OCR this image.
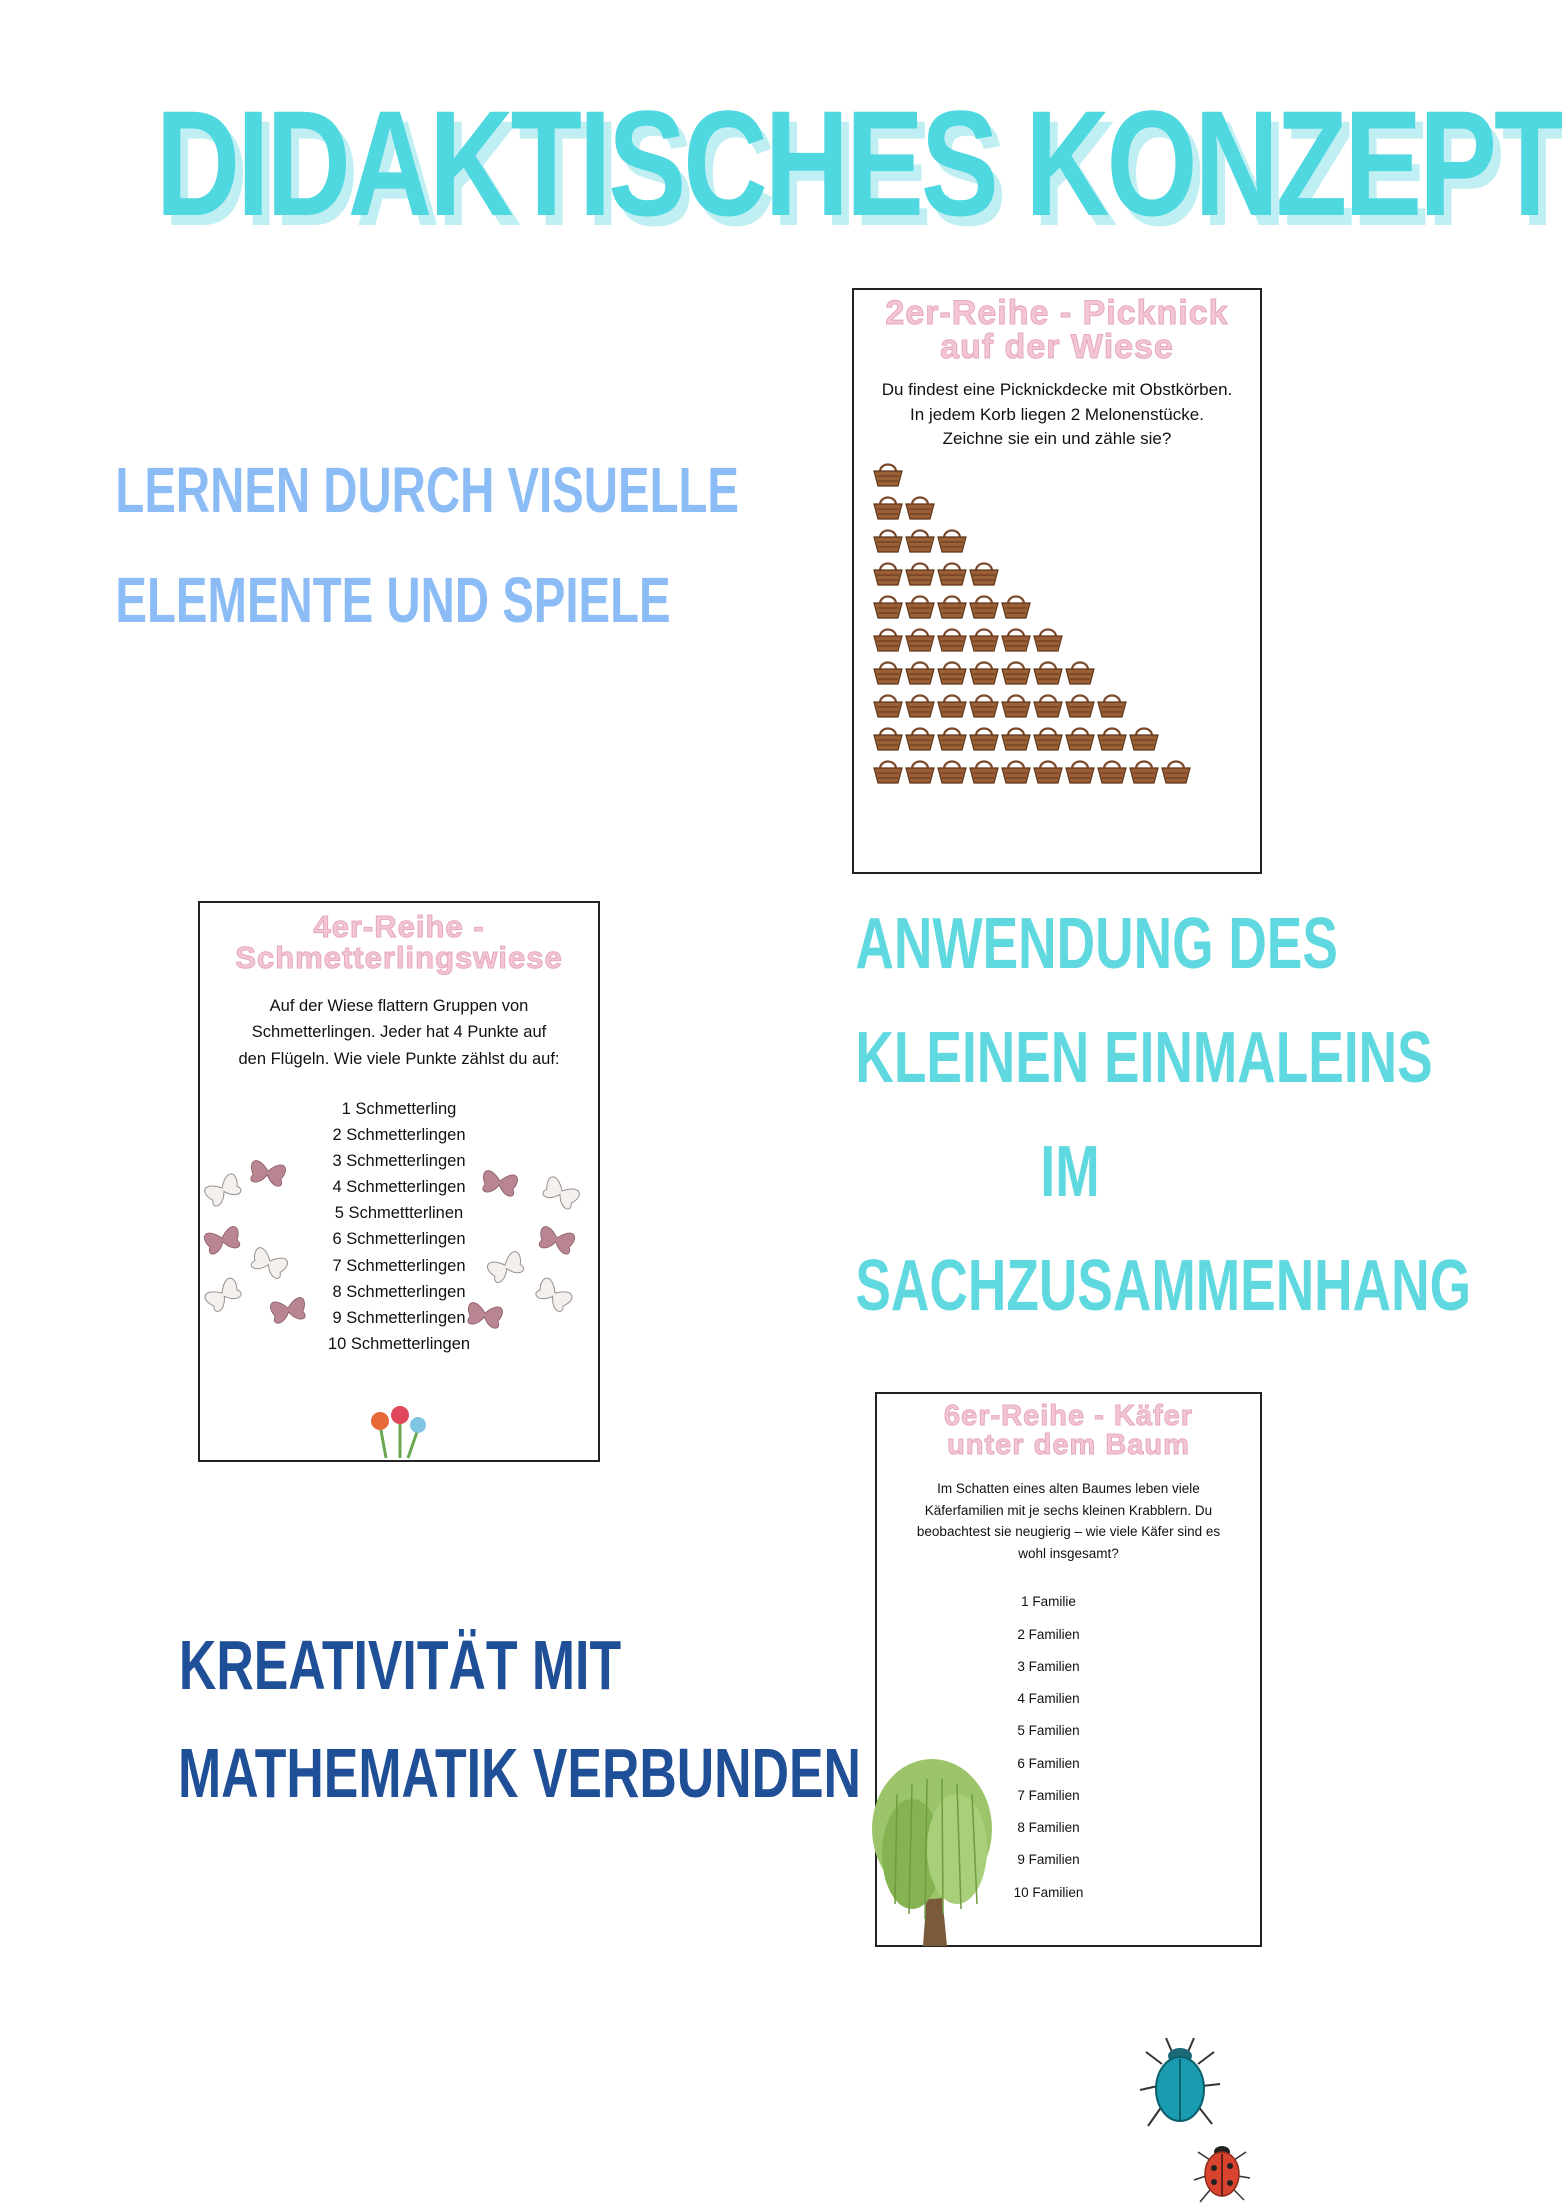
DIDAKTISCHES KONZEPT
LERNEN DURCH VISUELLE
ELEMENTE UND SPIELE
ANWENDUNG DES
KLEINEN EINMALEINS
IM
SACHZUSAMMENHANG
KREATIVITÄT MIT
MATHEMATIK VERBUNDEN
2er-Reihe - Picknick
auf der Wiese
Du findest eine Picknickdecke mit Obstkörben.
In jedem Korb liegen 2 Melonenstücke.
Zeichne sie ein und zähle sie?
4er-Reihe -
Schmetterlingswiese
Auf der Wiese flattern Gruppen von
Schmetterlingen. Jeder hat 4 Punkte auf
den Flügeln. Wie viele Punkte zählst du auf:
1 Schmetterling
2 Schmetterlingen
3 Schmetterlingen
4 Schmetterlingen
5 Schmettterlinen
6 Schmetterlingen
7 Schmetterlingen
8 Schmetterlingen
9 Schmetterlingen
10 Schmetterlingen
6er-Reihe - Käfer
unter dem Baum
Im Schatten eines alten Baumes leben viele
Käferfamilien mit je sechs kleinen Krabblern. Du
beobachtest sie neugierig – wie viele Käfer sind es
wohl insgesamt?
1 Familie
2 Familien
3 Familien
4 Familien
5 Familien
6 Familien
7 Familien
8 Familien
9 Familien
10 Familien
